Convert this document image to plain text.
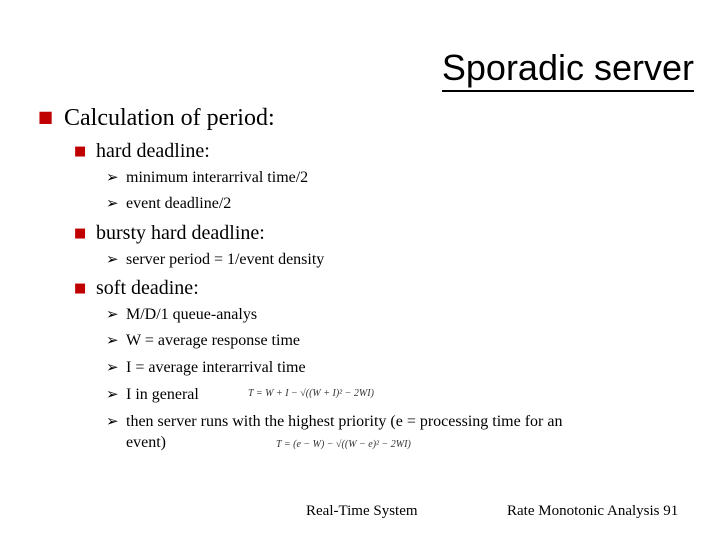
Sporadic server
■ Calculation of period:
■ hard deadline:
➢ minimum interarrival time/2
➢ event deadline/2
■ bursty hard deadline:
➢ server period = 1/event density
■ soft deadine:
➢ M/D/1 queue-analys
➢ W = average response time
➢ I = average interarrival time
➢ I in general	T = W + I − √((W + I)² − 2WI)
➢ then server runs with the highest priority (e = processing time for an
event)	T = (e − W) − √((W − e)² − 2WI)
Real-Time System	Rate Monotonic Analysis 91
